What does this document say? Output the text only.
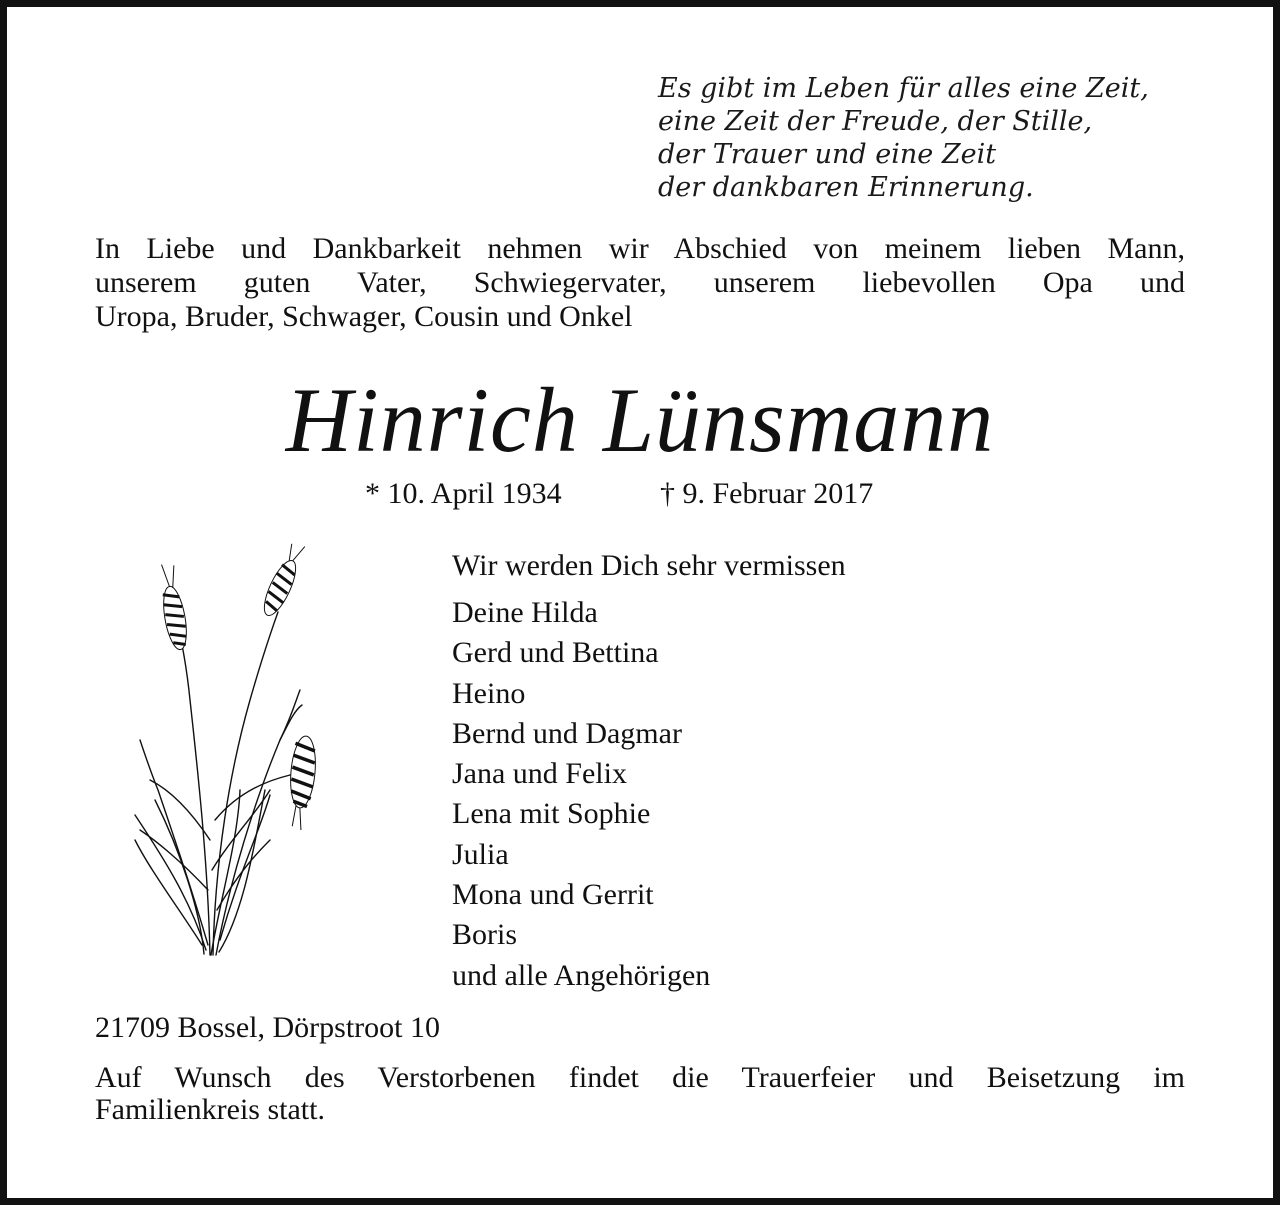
Es gibt im Leben für alles eine Zeit,
eine Zeit der Freude, der Stille,
der Trauer und eine Zeit
der dankbaren Erinnerung.
In Liebe und Dankbarkeit nehmen wir Abschied von meinem lieben Mann,
unserem guten Vater, Schwiegervater, unserem liebevollen Opa und
Uropa, Bruder, Schwager, Cousin und Onkel
Hinrich Lünsmann
* 10. April 1934	† 9. Februar 2017
Wir werden Dich sehr vermissen
Deine Hilda
Gerd und Bettina
Heino
Bernd und Dagmar
Jana und Felix
Lena mit Sophie
Julia
Mona und Gerrit
Boris
und alle Angehörigen
21709 Bossel, Dörpstroot 10
Auf Wunsch des Verstorbenen findet die Trauerfeier und Beisetzung im
Familienkreis statt.
